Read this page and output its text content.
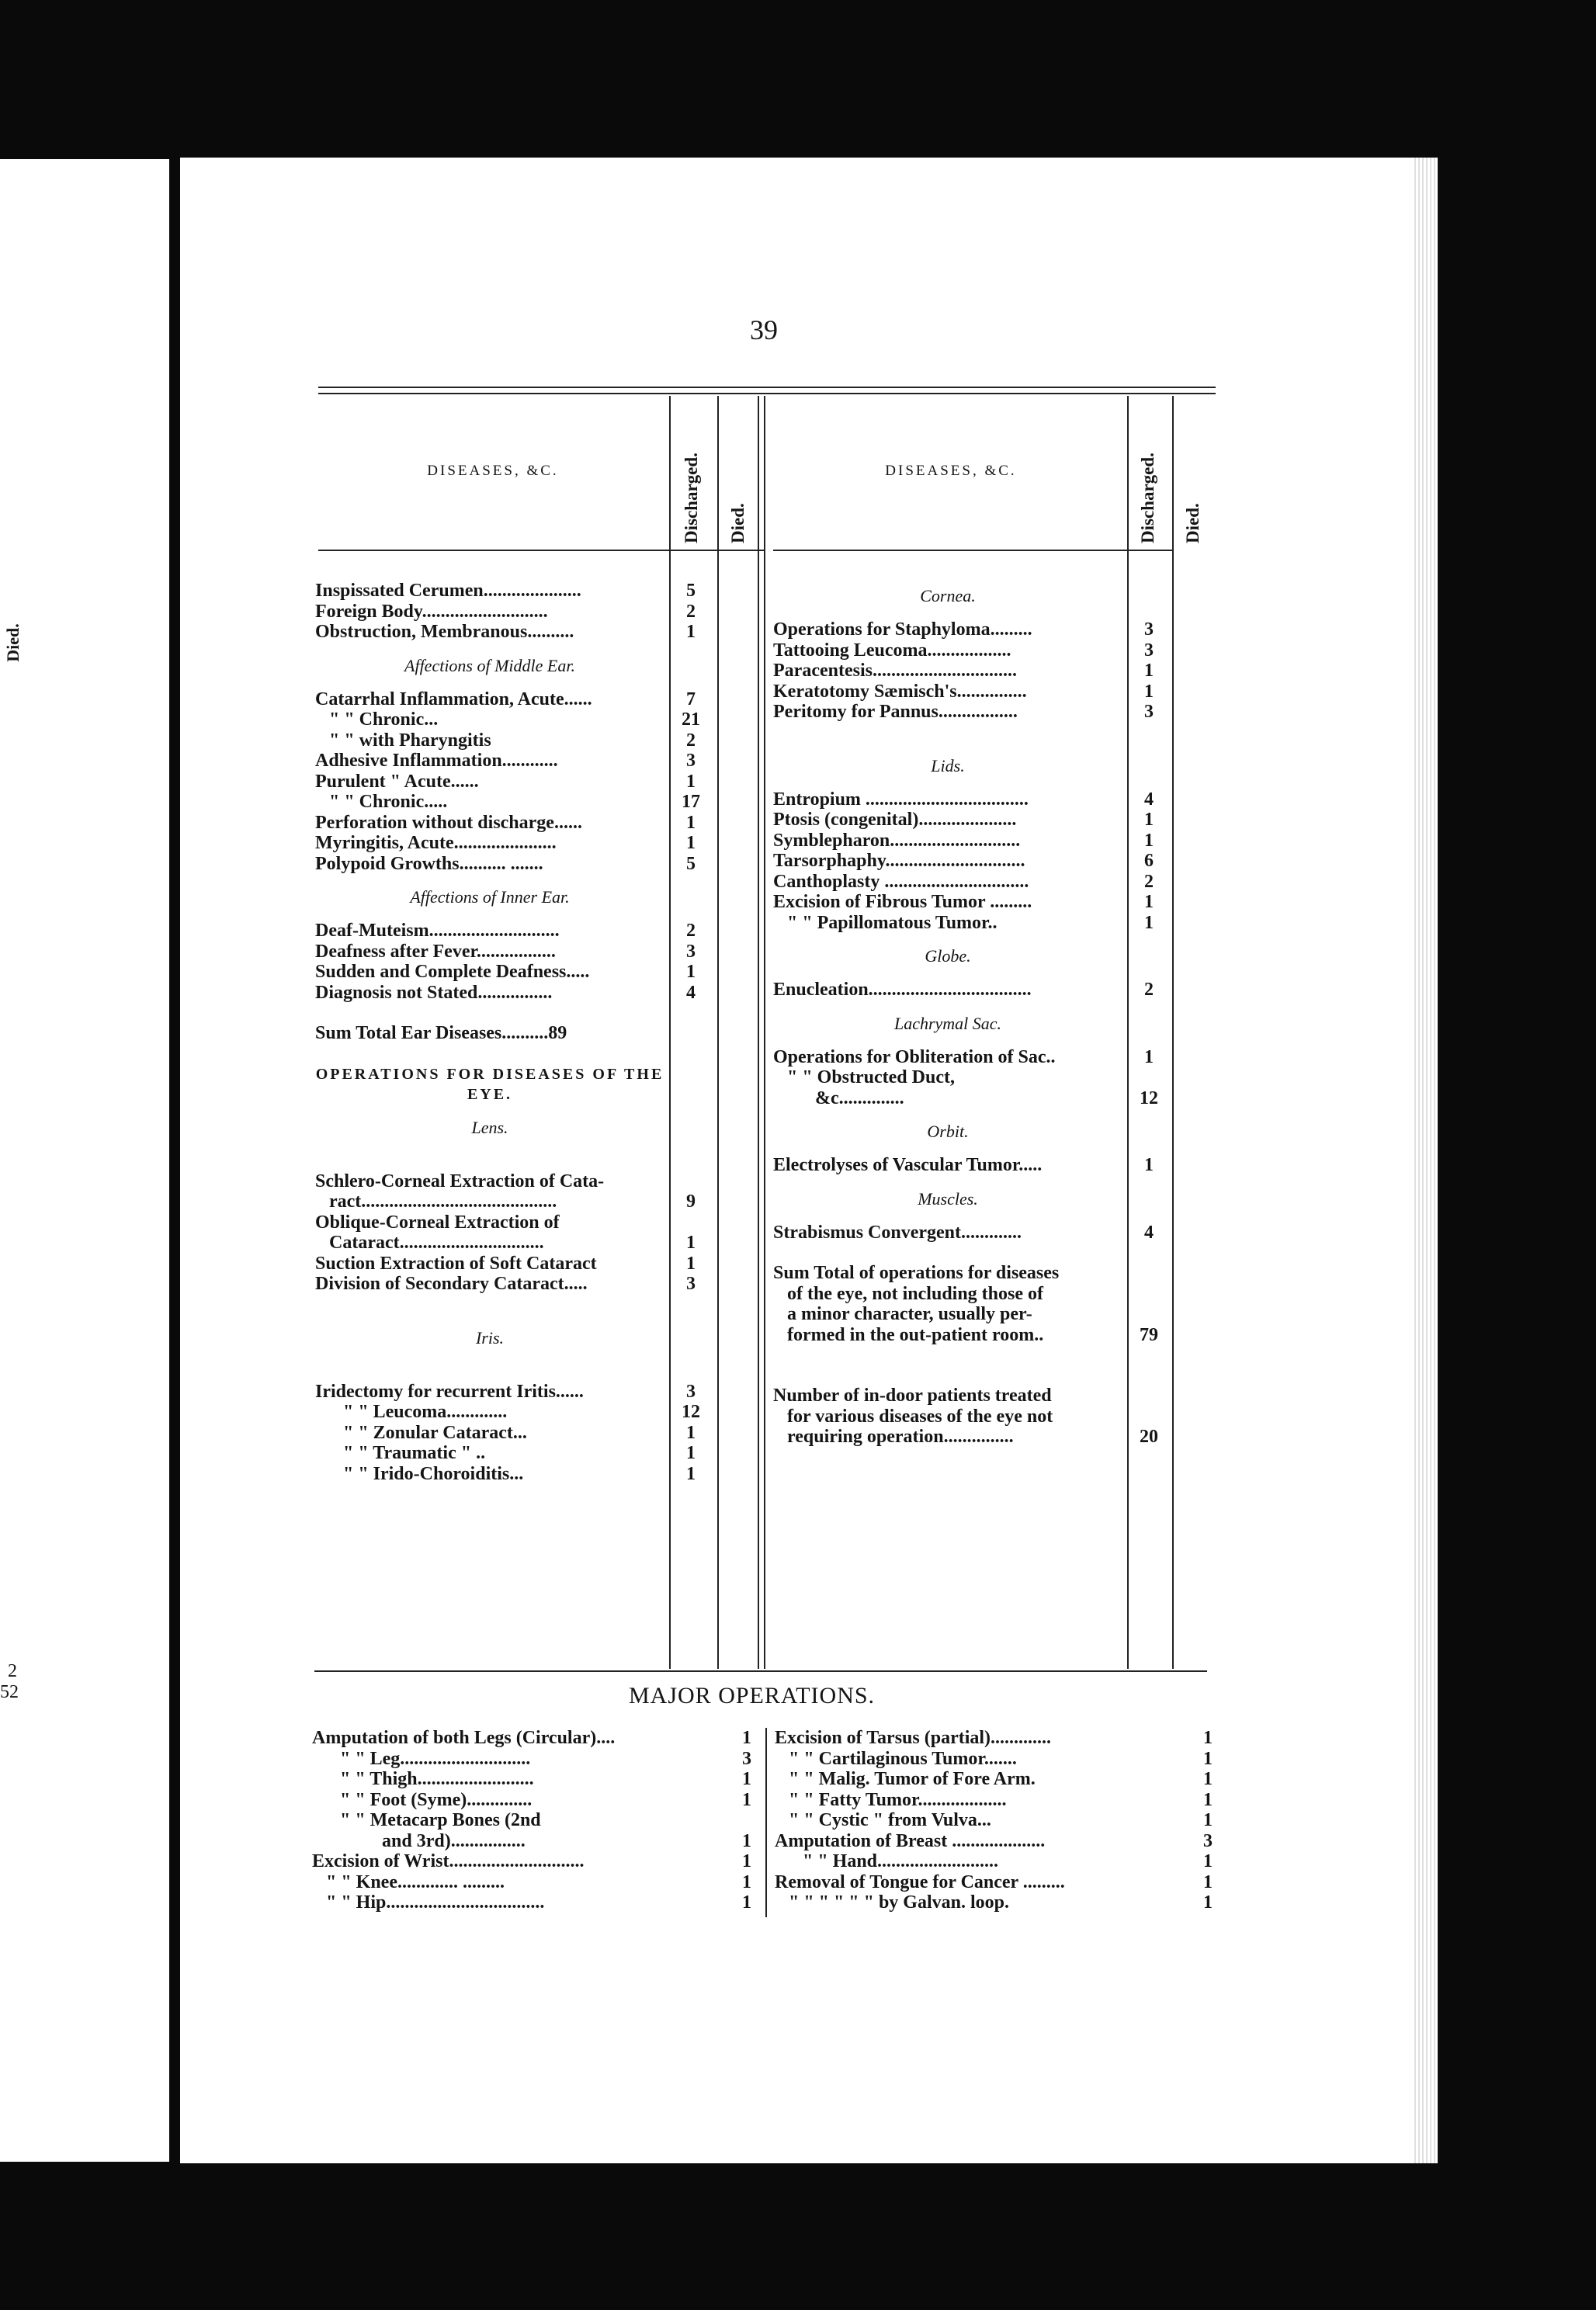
Died.
2
52
39
DISEASES, &C.	Discharged. Died.
DISEASES, &C.	Discharged. Died.
Inspissated Cerumen.....................	5
Foreign Body...........................	2
Obstruction, Membranous..........	1
Affections of Middle Ear.
Catarrhal Inflammation, Acute......	7
" " Chronic...	21
" " with Pharyngitis	2
Adhesive Inflammation............	3
Purulent " Acute......	1
" " Chronic.....	17
Perforation without discharge......	1
Myringitis, Acute......................	1
Polypoid Growths.......... .......	5
Affections of Inner Ear.
Deaf-Muteism............................	2
Deafness after Fever.................	3
Sudden and Complete Deafness.....	1
Diagnosis not Stated................	4
Sum Total Ear Diseases..........89
OPERATIONS FOR DISEASES OF THE EYE.
Lens.
Schlero-Corneal Extraction of Cata-
ract..........................................	9
Oblique-Corneal Extraction of
Cataract...............................	1
Suction Extraction of Soft Cataract	1
Division of Secondary Cataract.....	3
Iris.
Iridectomy for recurrent Iritis......	3
" " Leucoma.............	12
" " Zonular Cataract...	1
" " Traumatic " ..	1
" " Irido-Choroiditis...	1
Cornea.
Operations for Staphyloma.........	3
Tattooing Leucoma..................	3
Paracentesis...............................	1
Keratotomy Sæmisch's...............	1
Peritomy for Pannus.................	3
Lids.
Entropium ...................................	4
Ptosis (congenital).....................	1
Symblepharon............................	1
Tarsorphaphy..............................	6
Canthoplasty ...............................	2
Excision of Fibrous Tumor .........	1
" " Papillomatous Tumor..	1
Globe.
Enucleation...................................	2
Lachrymal Sac.
Operations for Obliteration of Sac..	1
" " Obstructed Duct,
&c..............	12
Orbit.
Electrolyses of Vascular Tumor.....	1
Muscles.
Strabismus Convergent.............	4
Sum Total of operations for diseases
of the eye, not including those of
a minor character, usually per-
formed in the out-patient room..	79
Number of in-door patients treated
for various diseases of the eye not
requiring operation...............	20
MAJOR OPERATIONS.
Amputation of both Legs (Circular)....	1
" " Leg............................	3
" " Thigh.........................	1
" " Foot (Syme)..............	1
" " Metacarp Bones (2nd
and 3rd)................	1
Excision of Wrist.............................	1
" " Knee............. .........	1
" " Hip..................................	1
Excision of Tarsus (partial).............	1
" " Cartilaginous Tumor.......	1
" " Malig. Tumor of Fore Arm.	1
" " Fatty Tumor...................	1
" " Cystic " from Vulva...	1
Amputation of Breast ....................	3
" " Hand..........................	1
Removal of Tongue for Cancer .........	1
" " " " " " by Galvan. loop.	1
